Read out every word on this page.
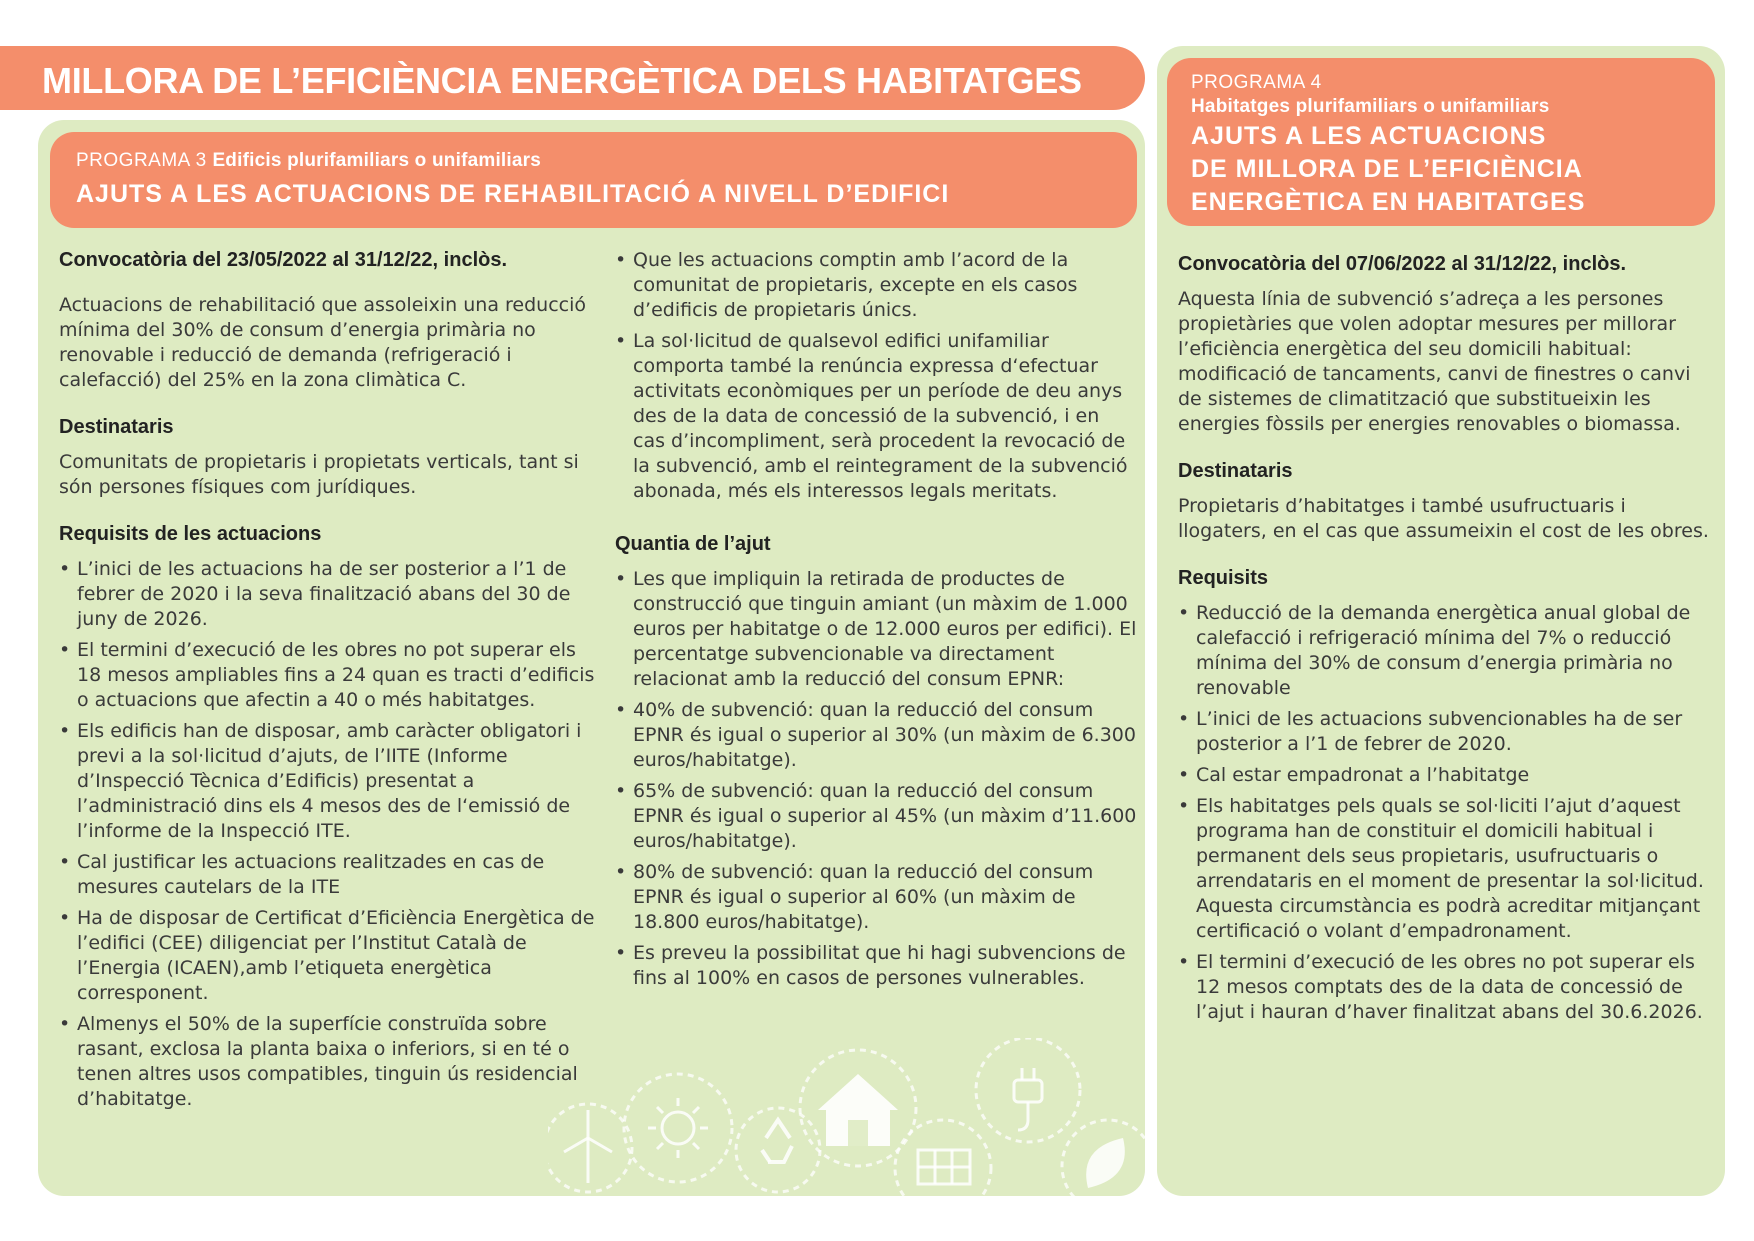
MILLORA DE L’EFICIÈNCIA ENERGÈTICA DELS HABITATGES
PROGRAMA 3 Edificis plurifamiliars o unifamiliars
AJUTS A LES ACTUACIONS DE REHABILITACIÓ A NIVELL D’EDIFICI
Convocatòria del 23/05/2022 al 31/12/22, inclòs.

Actuacions de rehabilitació que assoleixin una reducció mínima del 30% de consum d’energia primària no renovable i reducció de demanda (refrigeració i calefacció) del 25% en la zona climàtica C.

Destinataris

Comunitats de propietaris i propietats verticals, tant si són persones físiques com jurídiques.

Requisits de les actuacions
• L’inici de les actuacions ha de ser posterior a l’1 de febrer de 2020 i la seva finalització abans del 30 de juny de 2026.
• El termini d’execució de les obres no pot superar els 18 mesos ampliables fins a 24 quan es tracti d’edificis o actuacions que afectin a 40 o més habitatges.
• Els edificis han de disposar, amb caràcter obligatori i previ a la sol·licitud d’ajuts, de l’IITE (Informe d’Inspecció Tècnica d’Edificis) presentat a l’administració dins els 4 mesos des de l‘emissió de l’informe de la Inspecció ITE.
• Cal justificar les actuacions realitzades en cas de mesures cautelars de la ITE
• Ha de disposar de Certificat d’Eficiència Energètica de l’edifici (CEE) diligenciat per l’Institut Català de l’Energia (ICAEN),amb l’etiqueta energètica corresponent.
• Almenys el 50% de la superfície construïda sobre rasant, exclosa la planta baixa o inferiors, si en té o tenen altres usos compatibles, tinguin ús residencial d’habitatge.
• Que les actuacions comptin amb l’acord de la comunitat de propietaris, excepte en els casos d’edificis de propietaris únics.
• La sol·licitud de qualsevol edifici unifamiliar comporta també la renúncia expressa d‘efectuar activitats econòmiques per un període de deu anys des de la data de concessió de la subvenció, i en cas d’incompliment, serà procedent la revocació de la subvenció, amb el reintegrament de la subvenció abonada, més els interessos legals meritats.
Quantia de l’ajut
• Les que impliquin la retirada de productes de construcció que tinguin amiant (un màxim de 1.000 euros per habitatge o de 12.000 euros per edifici). El percentatge subvencionable va directament relacionat amb la reducció del consum EPNR:
• 40% de subvenció: quan la reducció del consum EPNR és igual o superior al 30% (un màxim de 6.300 euros/habitatge).
• 65% de subvenció: quan la reducció del consum EPNR és igual o superior al 45% (un màxim d’11.600 euros/habitatge).
• 80% de subvenció: quan la reducció del consum EPNR és igual o superior al 60% (un màxim de 18.800 euros/habitatge).
• Es preveu la possibilitat que hi hagi subvencions de fins al 100% en casos de persones vulnerables.
PROGRAMA 4
Habitatges plurifamiliars o unifamiliars
AJUTS A LES ACTUACIONS
DE MILLORA DE L’EFICIÈNCIA
ENERGÈTICA EN HABITATGES
Convocatòria del 07/06/2022 al 31/12/22, inclòs.

Aquesta línia de subvenció s’adreça a les persones propietàries que volen adoptar mesures per millorar l’eficiència energètica del seu domicili habitual: modificació de tancaments, canvi de finestres o canvi de sistemes de climatització que substitueixin les energies fòssils per energies renovables o biomassa.

Destinataris

Propietaris d’habitatges i també usufructuaris i llogaters, en el cas que assumeixin el cost de les obres.

Requisits
• Reducció de la demanda energètica anual global de calefacció i refrigeració mínima del 7% o reducció mínima del 30% de consum d’energia primària no renovable
• L’inici de les actuacions subvencionables ha de ser posterior a l’1 de febrer de 2020.
• Cal estar empadronat a l’habitatge
• Els habitatges pels quals se sol·liciti l’ajut d’aquest programa han de constituir el domicili habitual i permanent dels seus propietaris, usufructuaris o arrendataris en el moment de presentar la sol·licitud. Aquesta circumstància es podrà acreditar mitjançant certificació o volant d’empadronament.
• El termini d’execució de les obres no pot superar els 12 mesos comptats des de la data de concessió de l’ajut i hauran d’haver finalitzat abans del 30.6.2026.
